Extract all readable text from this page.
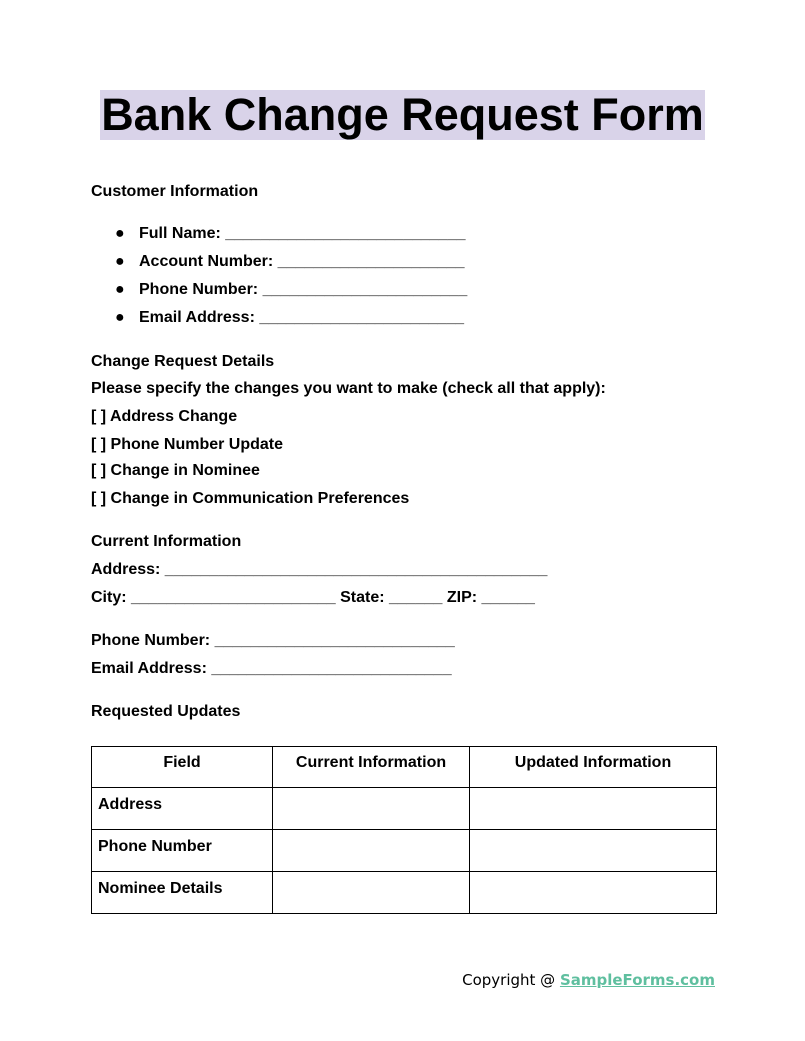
Bank Change Request Form
Customer Information
● Full Name: ___________________________
● Account Number: _____________________
● Phone Number: _______________________
● Email Address: _______________________
Change Request Details
Please specify the changes you want to make (check all that apply):
[ ] Address Change
[ ] Phone Number Update
[ ] Change in Nominee
[ ] Change in Communication Preferences
Current Information
Address: ___________________________________________
City: _______________________ State: ______ ZIP: ______
Phone Number: ___________________________
Email Address: ___________________________
Requested Updates
Field	Current Information	Updated Information
Address		
Phone Number		
Nominee Details		
Copyright @ SampleForms.com
